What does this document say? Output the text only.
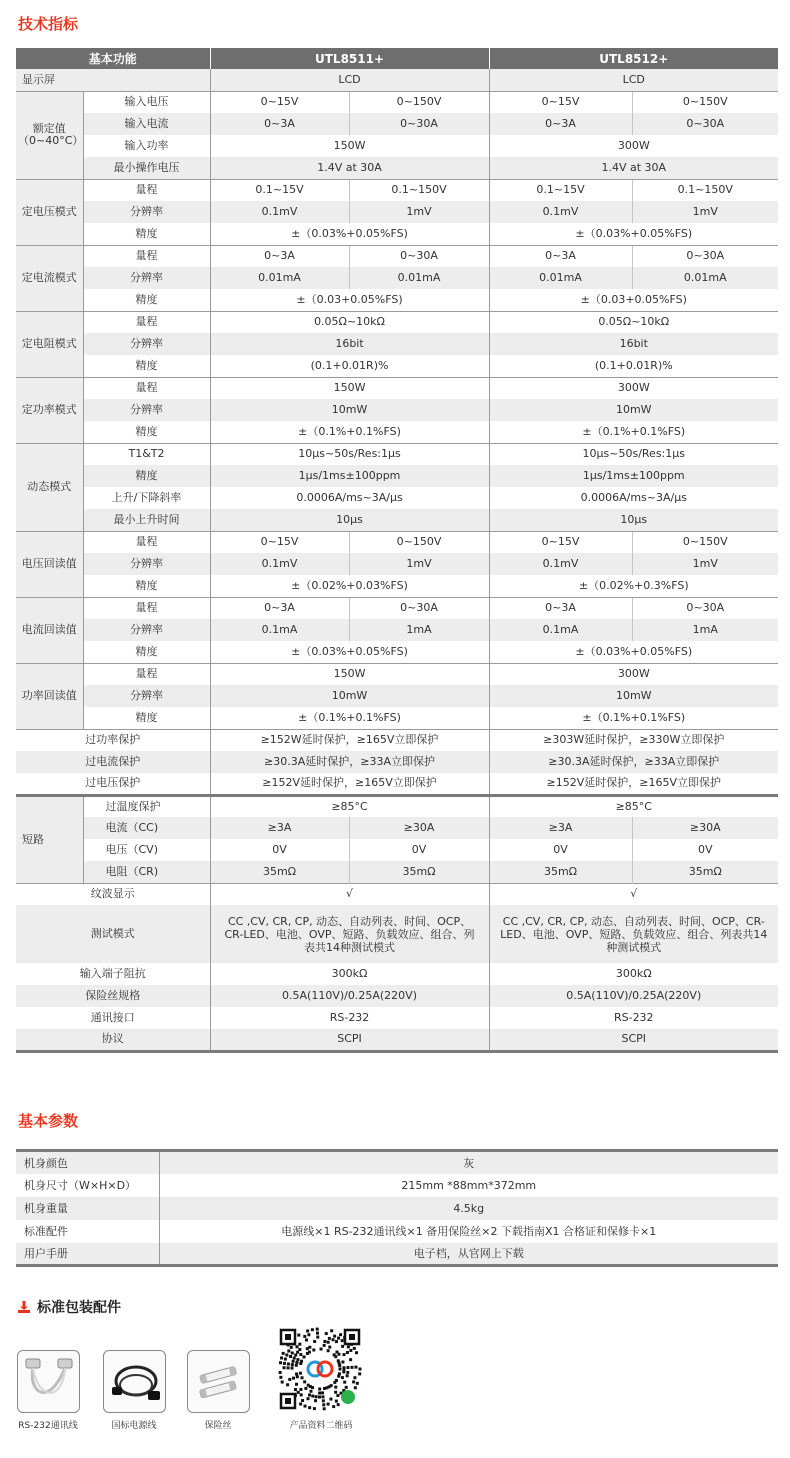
技术指标
基本功能		UTL8511+		UTL8512+	
显示屏		LCD		LCD	
额定值
（0~40°C）	输入电压	0~15V	0~150V	0~15V	0~150V
	输入电流	0~3A	0~30A	0~3A	0~30A
	输入功率	150W		300W	
	最小操作电压	1.4V at 30A		1.4V at 30A	
定电压模式	量程	0.1~15V	0.1~150V	0.1~15V	0.1~150V
	分辨率	0.1mV	1mV	0.1mV	1mV
	精度	±（0.03%+0.05%FS)		±（0.03%+0.05%FS)	
定电流模式	量程	0~3A	0~30A	0~3A	0~30A
	分辨率	0.01mA	0.01mA	0.01mA	0.01mA
	精度	±（0.03+0.05%FS)		±（0.03+0.05%FS)	
定电阻模式	量程	0.05Ω~10kΩ		0.05Ω~10kΩ	
	分辨率	16bit		16bit	
	精度	(0.1+0.01R)%		(0.1+0.01R)%	
定功率模式	量程	150W		300W	
	分辨率	10mW		10mW	
	精度	±（0.1%+0.1%FS)		±（0.1%+0.1%FS)	
动态模式	T1&T2	10μs~50s/Res:1μs		10μs~50s/Res:1μs	
	精度	1μs/1ms±100ppm		1μs/1ms±100ppm	
	上升/下降斜率	0.0006A/ms~3A/μs		0.0006A/ms~3A/μs	
	最小上升时间	10μs		10μs	
电压回读值	量程	0~15V	0~150V	0~15V	0~150V
	分辨率	0.1mV	1mV	0.1mV	1mV
	精度	±（0.02%+0.03%FS)		±（0.02%+0.3%FS)	
电流回读值	量程	0~3A	0~30A	0~3A	0~30A
	分辨率	0.1mA	1mA	0.1mA	1mA
	精度	±（0.03%+0.05%FS)		±（0.03%+0.05%FS)	
功率回读值	量程	150W		300W	
	分辨率	10mW		10mW	
	精度	±（0.1%+0.1%FS)		±（0.1%+0.1%FS)	
过功率保护		≥152W延时保护，≥165V立即保护		≥303W延时保护，≥330W立即保护	
过电流保护		≥30.3A延时保护，≥33A立即保护		≥30.3A延时保护，≥33A立即保护	
过电压保护		≥152V延时保护，≥165V立即保护		≥152V延时保护，≥165V立即保护	
短路	过温度保护	≥85°C		≥85°C	
	电流（CC)	≥3A	≥30A	≥3A	≥30A
	电压（CV)	0V	0V	0V	0V
	电阻（CR)	35mΩ	35mΩ	35mΩ	35mΩ
纹波显示		√		√	
测试模式		CC ,CV, CR, CP, 动态、自动列表、时间、OCP、CR-LED、电池、OVP、短路、负载效应、组合、列表共14种测试模式		CC ,CV, CR, CP, 动态、自动列表、时间、OCP、CR-LED、电池、OVP、短路、负载效应、组合、列表共14种测试模式	
输入端子阻抗		300kΩ		300kΩ	
保险丝规格		0.5A(110V)/0.25A(220V)		0.5A(110V)/0.25A(220V)	
通讯接口		RS-232		RS-232	
协议		SCPI		SCPI	
基本参数
机身颜色	灰
机身尺寸（W×H×D）	215mm *88mm*372mm
机身重量	4.5kg
标准配件	电源线×1 RS-232通讯线×1 备用保险丝×2 下载指南X1 合格证和保修卡×1
用户手册	电子档，从官网上下载
标准包装配件
RS-232通讯线	国标电源线	保险丝	产品资料二维码
